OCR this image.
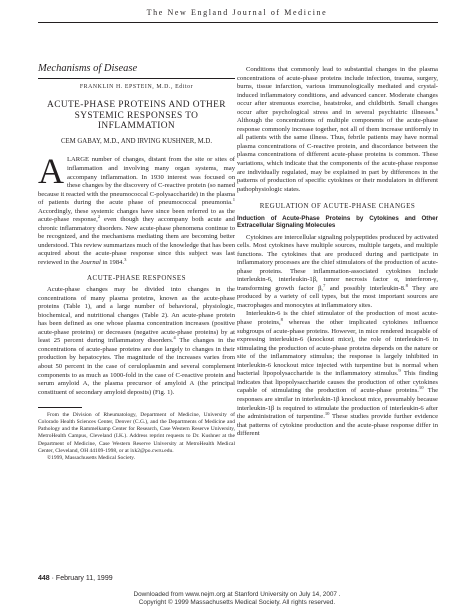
The New England Journal of Medicine
Mechanisms of Disease
FRANKLIN H. EPSTEIN, M.D., Editor
ACUTE-PHASE PROTEINS AND OTHER SYSTEMIC RESPONSES TO INFLAMMATION
CEM GABAY, M.D., AND IRVING KUSHNER, M.D.

ALARGE number of changes, distant from the site or sites of inflammation and involving many organ systems, may accompany inflammation. In 1930 interest was focused on these changes by the discovery of C-reactive protein (so named because it reacted with the pneumococcal C-polysaccharide) in the plasma of patients during the acute phase of pneumococcal pneumonia.$^1$ Accordingly, these systemic changes have since been referred to as the acute-phase response,$^2$ even though they accompany both acute and chronic inflammatory disorders. New acute-phase phenomena continue to be recognized, and the mechanisms mediating them are becoming better understood. This review summarizes much of the knowledge that has been acquired about the acute-phase response since this subject was last reviewed in the Journal in 1984.$^3$

ACUTE-PHASE RESPONSES

Acute-phase changes may be divided into changes in the concentrations of many plasma proteins, known as the acute-phase proteins (Table 1), and a large number of behavioral, physiologic, biochemical, and nutritional changes (Table 2). An acute-phase protein has been defined as one whose plasma concentration increases (positive acute-phase proteins) or decreases (negative acute-phase proteins) by at least 25 percent during inflammatory disorders.$^4$ The changes in the concentrations of acute-phase proteins are due largely to changes in their production by hepatocytes. The magnitude of the increases varies from about 50 percent in the case of ceruloplasmin and several complement components to as much as 1000-fold in the case of C-reactive protein and serum amyloid A, the plasma precursor of amyloid A (the principal constituent of secondary amyloid deposits) (Fig. 1).

From the Division of Rheumatology, Department of Medicine, University of Colorado Health Sciences Center, Denver (C.G.), and the Departments of Medicine and Pathology and the Rammelkamp Center for Research, Case Western Reserve University, MetroHealth Campus, Cleveland (I.K.). Address reprint requests to Dr. Kushner at the Department of Medicine, Case Western Reserve University at MetroHealth Medical Center, Cleveland, OH 44109-1998, or at ixk2@po.cwru.edu.

©1999, Massachusetts Medical Society.

Conditions that commonly lead to substantial changes in the plasma concentrations of acute-phase proteins include infection, trauma, surgery, burns, tissue infarction, various immunologically mediated and crystal-induced inflammatory conditions, and advanced cancer. Moderate changes occur after strenuous exercise, heatstroke, and childbirth. Small changes occur after psychological stress and in several psychiatric illnesses.$^6$ Although the concentrations of multiple components of the acute-phase response commonly increase together, not all of them increase uniformly in all patients with the same illness. Thus, febrile patients may have normal plasma concentrations of C-reactive protein, and discordance between the plasma concentrations of different acute-phase proteins is common. These variations, which indicate that the components of the acute-phase response are individually regulated, may be explained in part by differences in the patterns of production of specific cytokines or their modulators in different pathophysiologic states.

REGULATION OF ACUTE-PHASE CHANGES
Induction of Acute-Phase Proteins by Cytokines and Other Extracellular Signaling Molecules

Cytokines are intercellular signaling polypeptides produced by activated cells. Most cytokines have multiple sources, multiple targets, and multiple functions. The cytokines that are produced during and participate in inflammatory processes are the chief stimulators of the production of acute-phase proteins. These inflammation-associated cytokines include interleukin-6, interleukin-1β, tumor necrosis factor α, interferon-γ, transforming growth factor β,$^7$ and possibly interleukin-8.$^8$ They are produced by a variety of cell types, but the most important sources are macrophages and monocytes at inflammatory sites.

Interleukin-6 is the chief stimulator of the production of most acute-phase proteins,$^8$ whereas the other implicated cytokines influence subgroups of acute-phase proteins. However, in mice rendered incapable of expressing interleukin-6 (knockout mice), the role of interleukin-6 in stimulating the production of acute-phase proteins depends on the nature or site of the inflammatory stimulus; the response is largely inhibited in interleukin-6 knockout mice injected with turpentine but is normal when bacterial lipopolysaccharide is the inflammatory stimulus.$^9$ This finding indicates that lipopolysaccharide causes the production of other cytokines capable of stimulating the production of acute-phase proteins.$^{10}$ The responses are similar in interleukin-1β knockout mice, presumably because interleukin-1β is required to stimulate the production of interleukin-6 after the administration of turpentine.$^{10}$ These studies provide further evidence that patterns of cytokine production and the acute-phase response differ in different

448 · February 11, 1999
Downloaded from www.nejm.org at Stanford University on July 14, 2007 .
Copyright © 1999 Massachusetts Medical Society. All rights reserved.
